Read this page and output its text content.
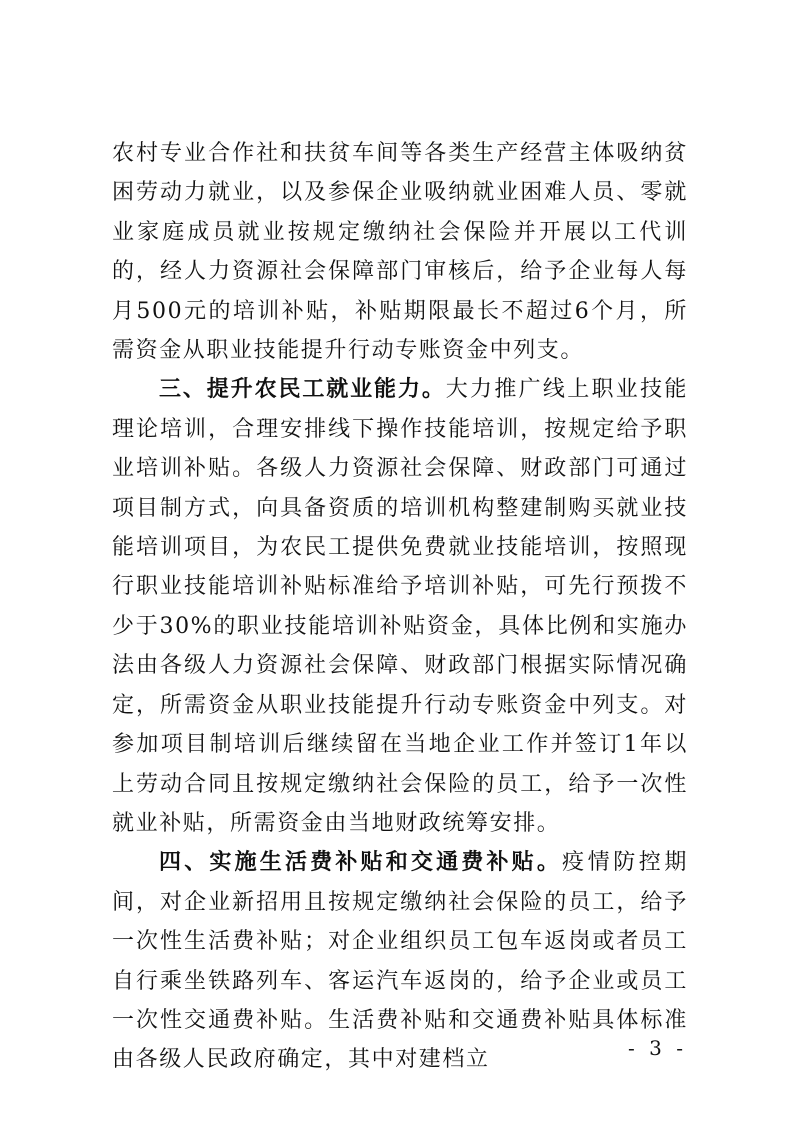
农村专业合作社和扶贫车间等各类生产经营主体吸纳贫困劳动力就业，以及参保企业吸纳就业困难人员、零就业家庭成员就业按规定缴纳社会保险并开展以工代训的，经人力资源社会保障部门审核后，给予企业每人每月500元的培训补贴，补贴期限最长不超过6个月，所需资金从职业技能提升行动专账资金中列支。

三、提升农民工就业能力。大力推广线上职业技能理论培训，合理安排线下操作技能培训，按规定给予职业培训补贴。各级人力资源社会保障、财政部门可通过项目制方式，向具备资质的培训机构整建制购买就业技能培训项目，为农民工提供免费就业技能培训，按照现行职业技能培训补贴标准给予培训补贴，可先行预拨不少于30%的职业技能培训补贴资金，具体比例和实施办法由各级人力资源社会保障、财政部门根据实际情况确定，所需资金从职业技能提升行动专账资金中列支。对参加项目制培训后继续留在当地企业工作并签订1年以上劳动合同且按规定缴纳社会保险的员工，给予一次性就业补贴，所需资金由当地财政统筹安排。

四、实施生活费补贴和交通费补贴。疫情防控期间，对企业新招用且按规定缴纳社会保险的员工，给予一次性生活费补贴；对企业组织员工包车返岗或者员工自行乘坐铁路列车、客运汽车返岗的，给予企业或员工一次性交通费补贴。生活费补贴和交通费补贴具体标准由各级人民政府确定，其中对建档立	- 3 -
